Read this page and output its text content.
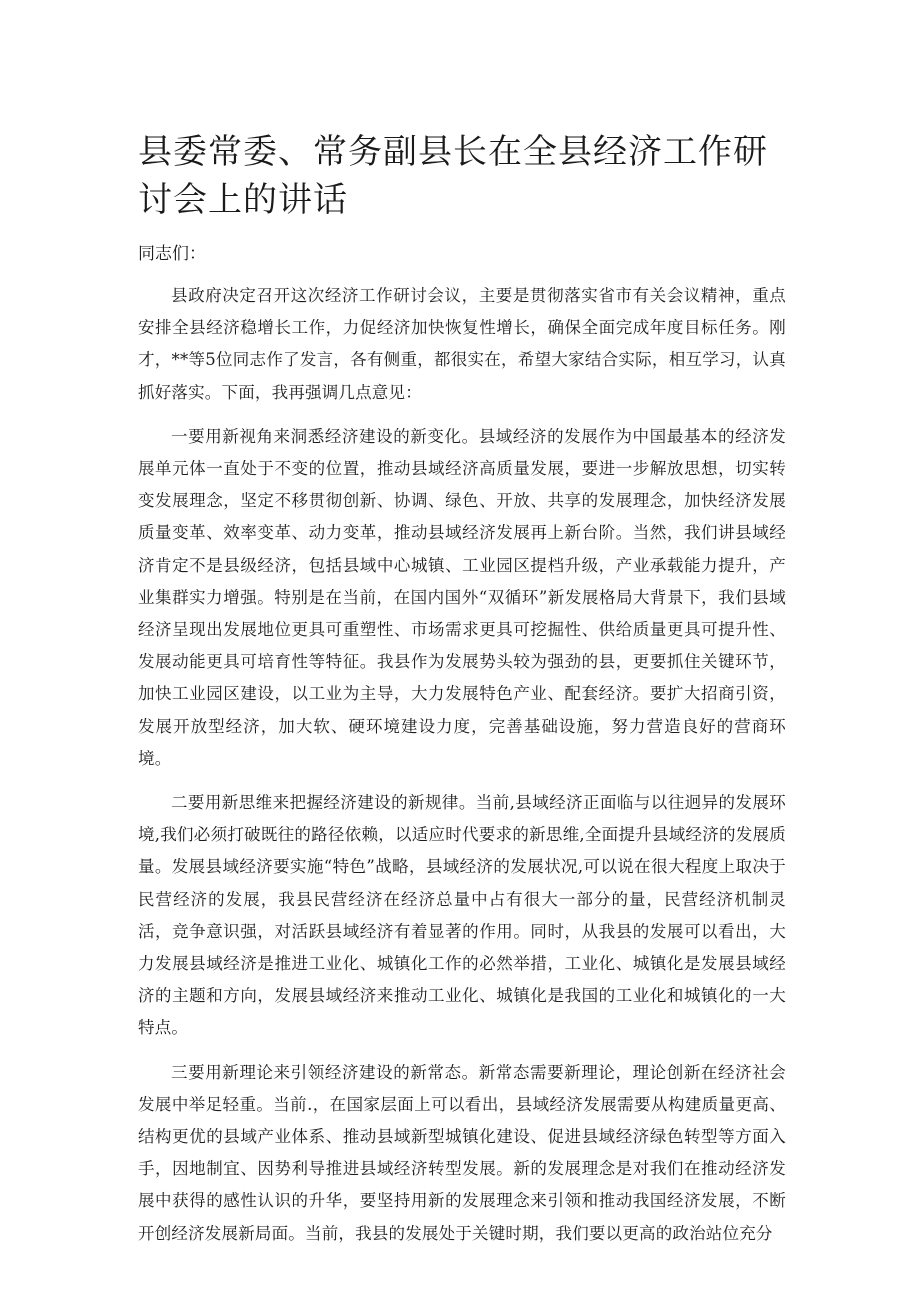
县委常委、常务副县长在全县经济工作研讨会上的讲话

同志们：

县政府决定召开这次经济工作研讨会议，主要是贯彻落实省市有关会议精神，重点安排全县经济稳增长工作，力促经济加快恢复性增长，确保全面完成年度目标任务。刚才，**等5位同志作了发言，各有侧重，都很实在，希望大家结合实际，相互学习，认真抓好落实。下面，我再强调几点意见：

一要用新视角来洞悉经济建设的新变化。县域经济的发展作为中国最基本的经济发展单元体一直处于不变的位置，推动县域经济高质量发展，要进一步解放思想，切实转变发展理念，坚定不移贯彻创新、协调、绿色、开放、共享的发展理念，加快经济发展质量变革、效率变革、动力变革，推动县域经济发展再上新台阶。当然，我们讲县域经济肯定不是县级经济，包括县域中心城镇、工业园区提档升级，产业承载能力提升，产业集群实力增强。特别是在当前，在国内国外“双循环”新发展格局大背景下，我们县域经济呈现出发展地位更具可重塑性、市场需求更具可挖掘性、供给质量更具可提升性、发展动能更具可培育性等特征。我县作为发展势头较为强劲的县，更要抓住关键环节，加快工业园区建设，以工业为主导，大力发展特色产业、配套经济。要扩大招商引资，发展开放型经济，加大软、硬环境建设力度，完善基础设施，努力营造良好的营商环境。

二要用新思维来把握经济建设的新规律。当前,县域经济正面临与以往迥异的发展环境,我们必须打破既往的路径依赖，以适应时代要求的新思维,全面提升县域经济的发展质量。发展县域经济要实施“特色”战略，县域经济的发展状况,可以说在很大程度上取决于民营经济的发展，我县民营经济在经济总量中占有很大一部分的量，民营经济机制灵活，竞争意识强，对活跃县域经济有着显著的作用。同时，从我县的发展可以看出，大力发展县域经济是推进工业化、城镇化工作的必然举措，工业化、城镇化是发展县域经济的主题和方向，发展县域经济来推动工业化、城镇化是我国的工业化和城镇化的一大特点。

三要用新理论来引领经济建设的新常态。新常态需要新理论，理论创新在经济社会发展中举足轻重。当前.，在国家层面上可以看出，县域经济发展需要从构建质量更高、结构更优的县域产业体系、推动县域新型城镇化建设、促进县域经济绿色转型等方面入手，因地制宜、因势利导推进县域经济转型发展。新的发展理念是对我们在推动经济发展中获得的感性认识的升华，要坚持用新的发展理念来引领和推动我国经济发展，不断开创经济发展新局面。当前，我县的发展处于关键时期，我们要以更高的政治站位充分
